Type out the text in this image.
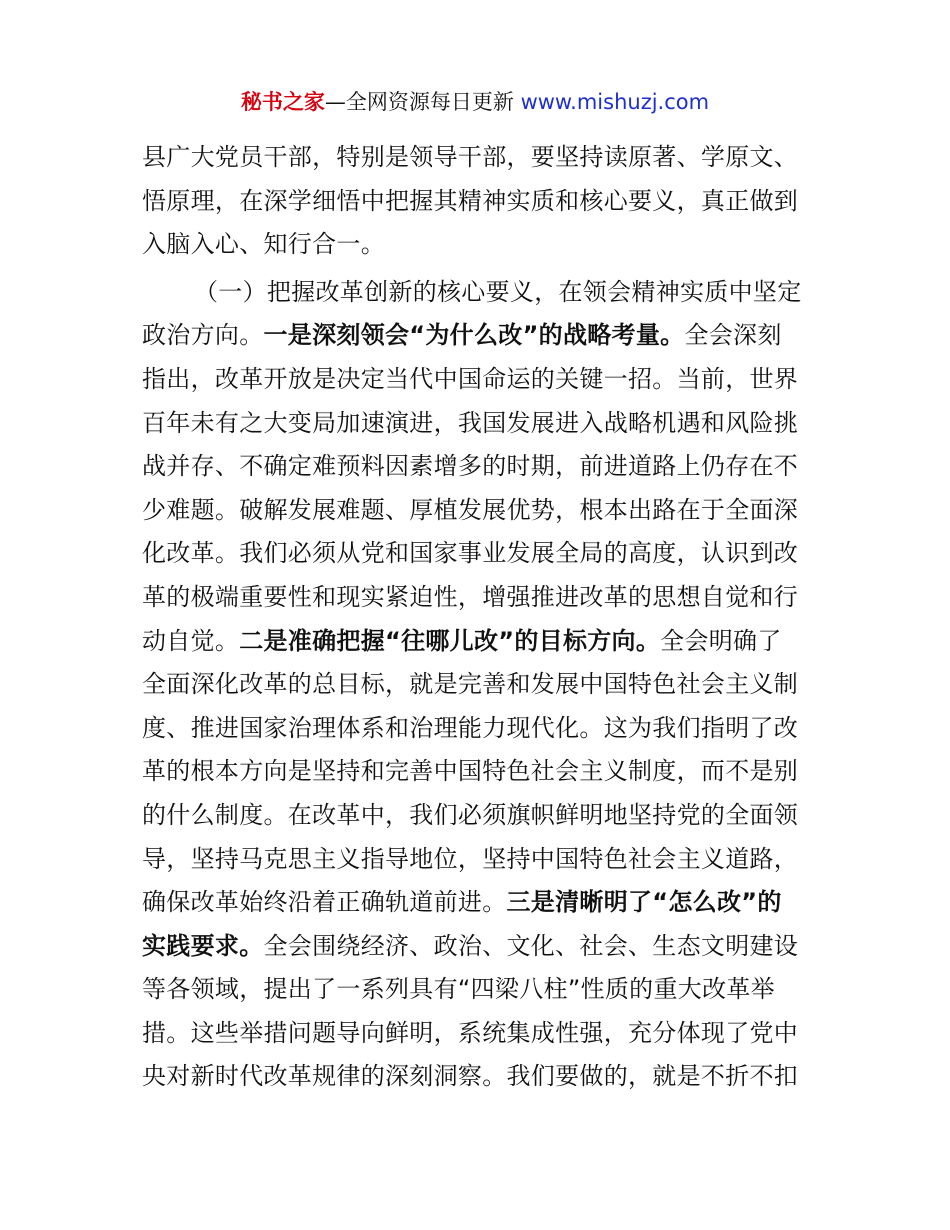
秘书之家—全网资源每日更新 www.mishuzj.com
县广大党员干部，特别是领导干部，要坚持读原著、学原文、
悟原理，在深学细悟中把握其精神实质和核心要义，真正做到
入脑入心、知行合一。
（一）把握改革创新的核心要义，在领会精神实质中坚定
政治方向。一是深刻领会“为什么改”的战略考量。全会深刻
指出，改革开放是决定当代中国命运的关键一招。当前，世界
百年未有之大变局加速演进，我国发展进入战略机遇和风险挑
战并存、不确定难预料因素增多的时期，前进道路上仍存在不
少难题。破解发展难题、厚植发展优势，根本出路在于全面深
化改革。我们必须从党和国家事业发展全局的高度，认识到改
革的极端重要性和现实紧迫性，增强推进改革的思想自觉和行
动自觉。二是准确把握“往哪儿改”的目标方向。全会明确了
全面深化改革的总目标，就是完善和发展中国特色社会主义制
度、推进国家治理体系和治理能力现代化。这为我们指明了改
革的根本方向是坚持和完善中国特色社会主义制度，而不是别
的什么制度。在改革中，我们必须旗帜鲜明地坚持党的全面领
导，坚持马克思主义指导地位，坚持中国特色社会主义道路，
确保改革始终沿着正确轨道前进。三是清晰明了“怎么改”的
实践要求。全会围绕经济、政治、文化、社会、生态文明建设
等各领域，提出了一系列具有“四梁八柱”性质的重大改革举
措。这些举措问题导向鲜明，系统集成性强，充分体现了党中
央对新时代改革规律的深刻洞察。我们要做的，就是不折不扣
